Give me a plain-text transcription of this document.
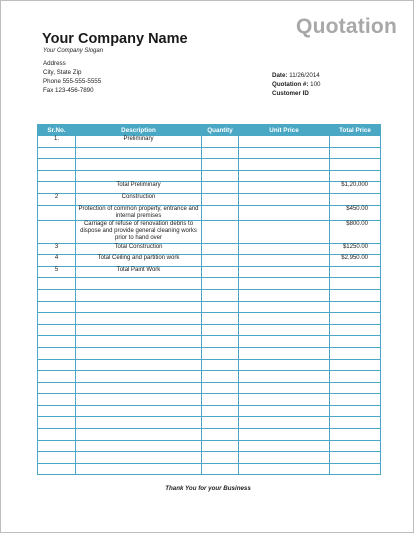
Quotation
Your Company Name
Your Company Slogan
Address
City, State Zip
Phone 555-555-5555
Fax 123-456-7890
Date: 11/26/2014
Quotation #: 100
Customer ID
Sr.No.	Description	Quantity	Unit Price	Total Price
1.	Preliminary			

	Total Preliminary			$1,20,000
2	Construction			
	Protection of common property, entrance and internal premises			$450.00
	Carriage of refuse of renovation debris to dispose and provide general cleaning works prior to hand over			$800.00
3	Total Construction			$1250.00
4	Total Ceiling and partition work			$2,950.00
5	Total Paint Work			

Thank You for your Business
